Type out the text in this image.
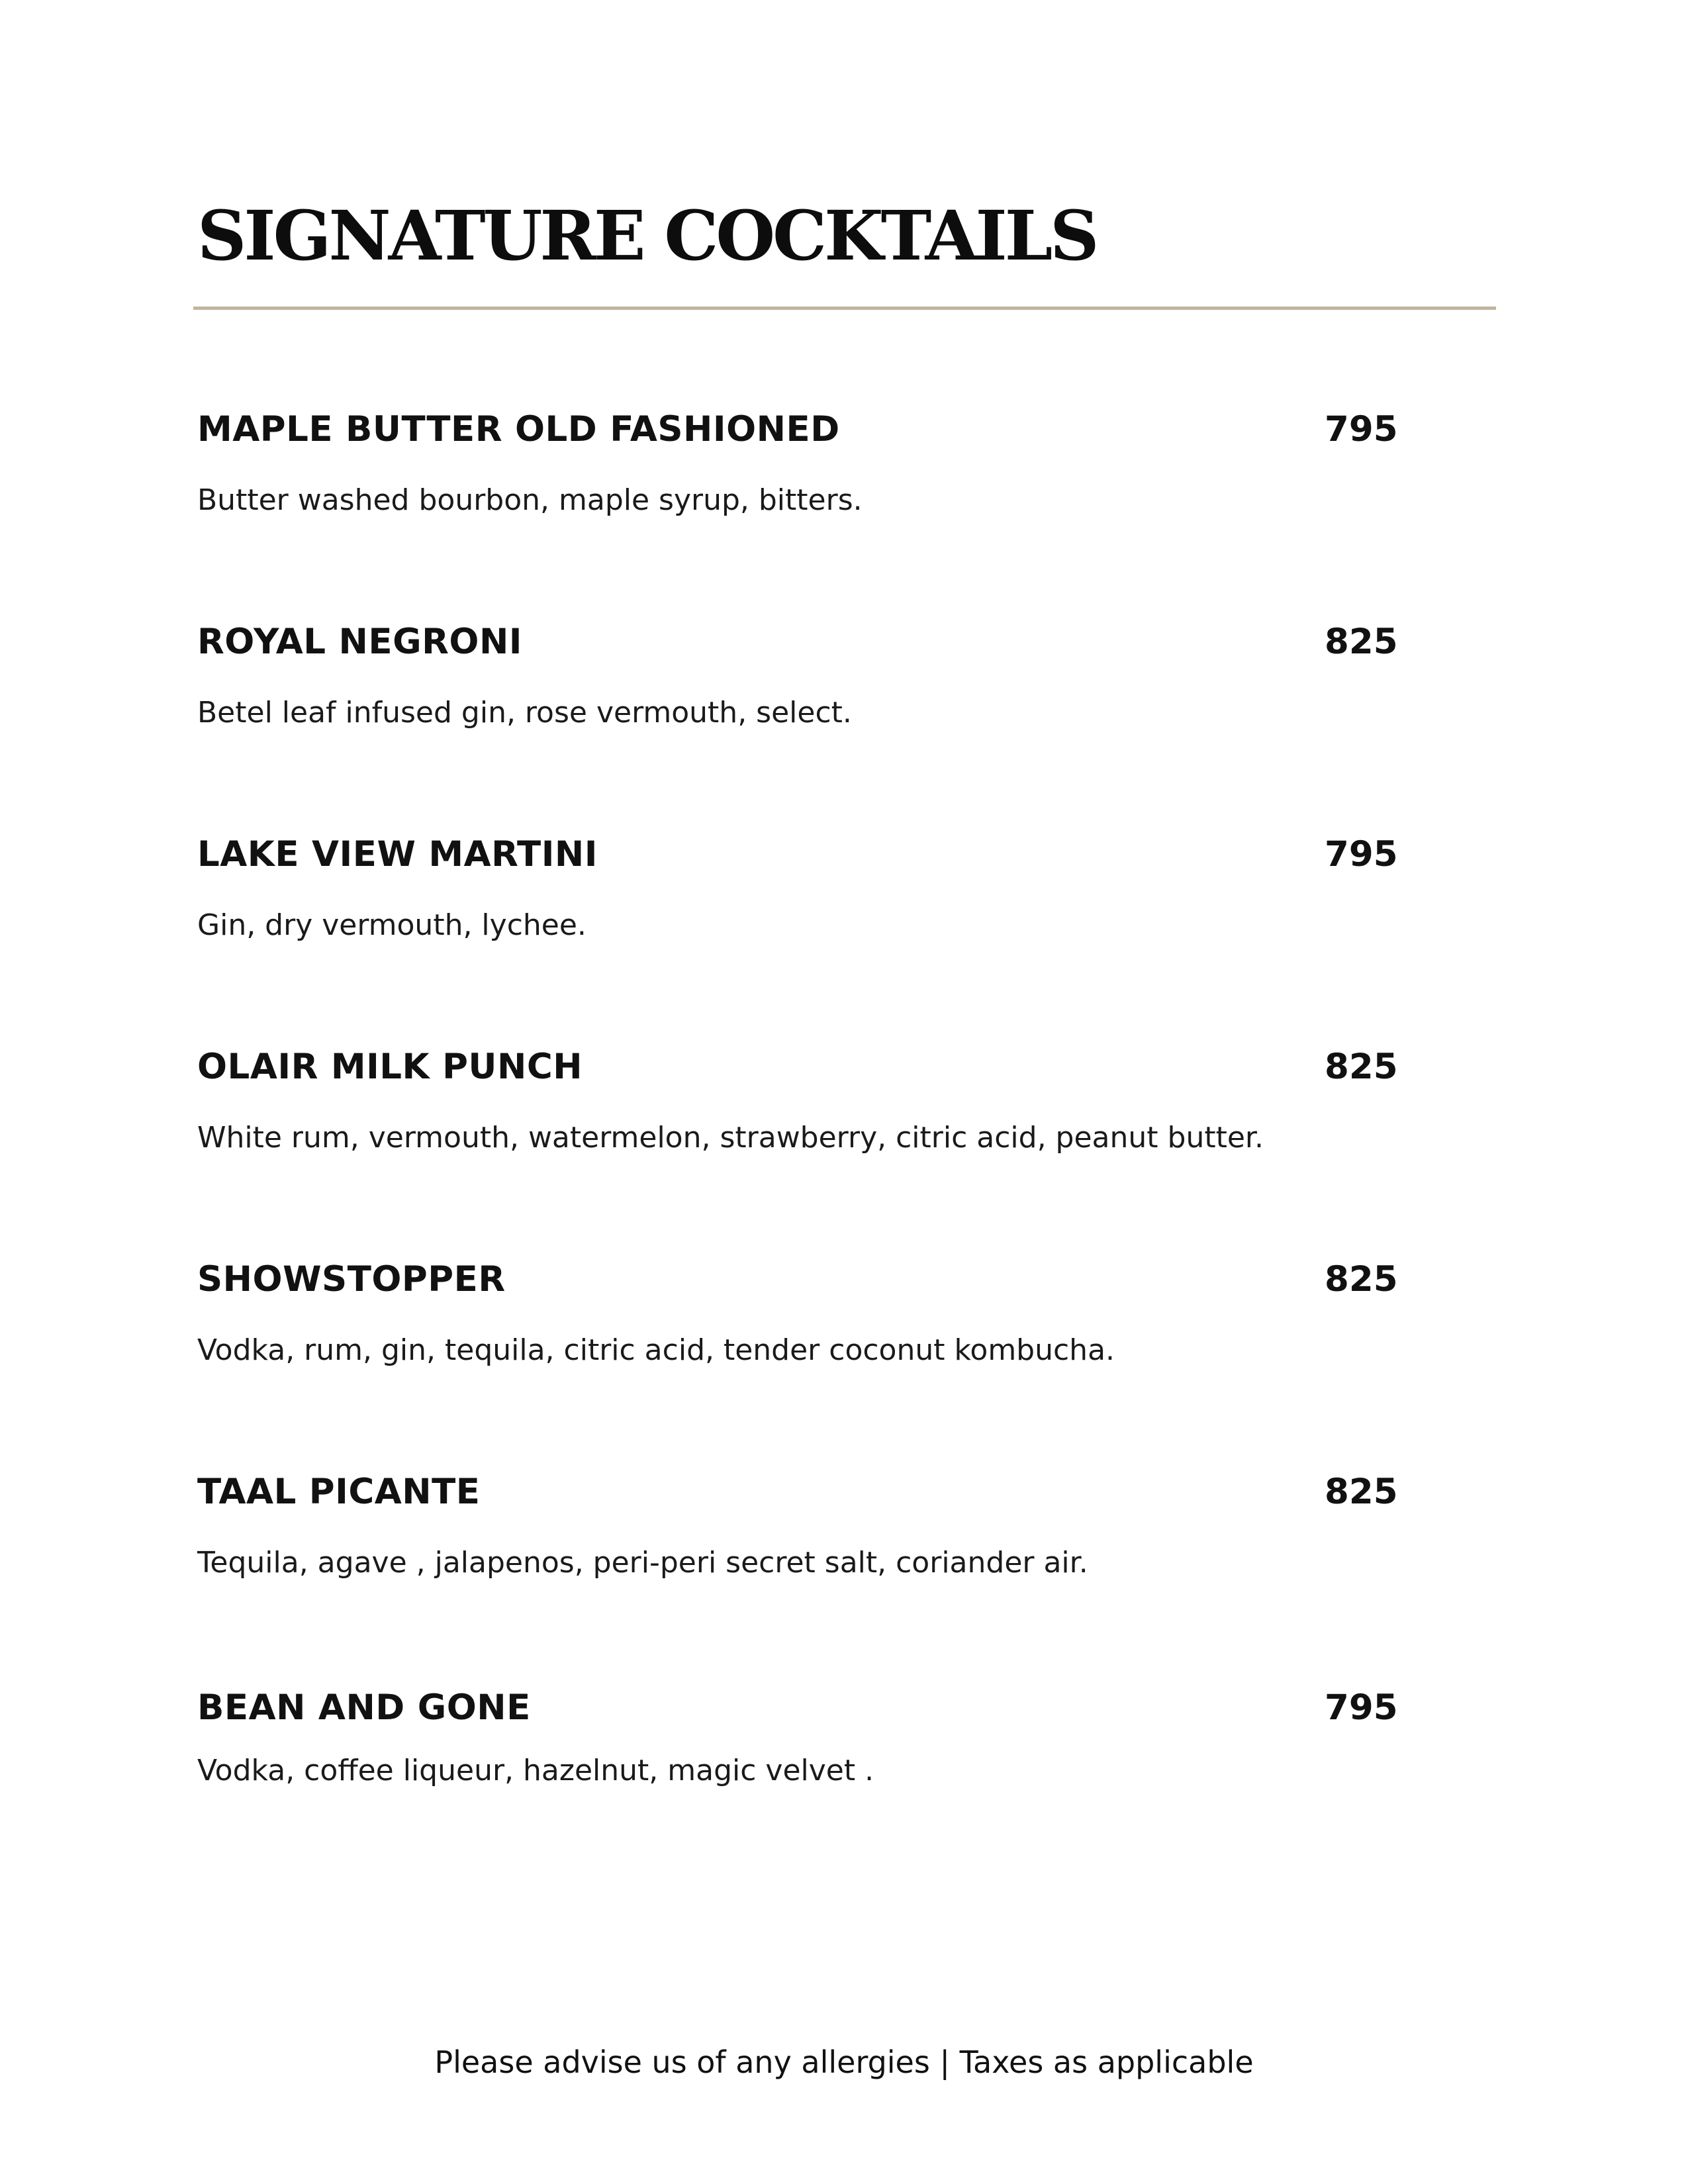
SIGNATURE COCKTAILS
MAPLE BUTTER OLD FASHIONED	795
Butter washed bourbon, maple syrup, bitters.
ROYAL NEGRONI	825
Betel leaf infused gin, rose vermouth, select.
LAKE VIEW MARTINI	795
Gin, dry vermouth, lychee.
OLAIR MILK PUNCH	825
White rum, vermouth, watermelon, strawberry, citric acid, peanut butter.
SHOWSTOPPER	825
Vodka, rum, gin, tequila, citric acid, tender coconut kombucha.
TAAL PICANTE	825
Tequila, agave , jalapenos, peri-peri secret salt, coriander air.
BEAN AND GONE	795
Vodka, coffee liqueur, hazelnut, magic velvet .
Please advise us of any allergies | Taxes as applicable
